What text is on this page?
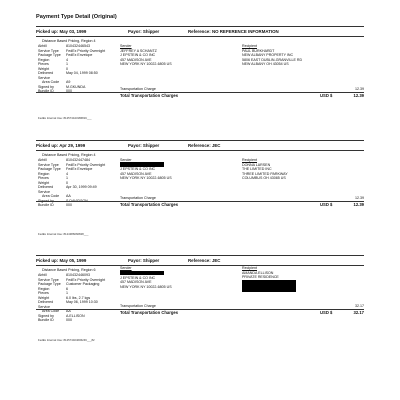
Payment Type Detail (Original)
Picked up: May 03, 1999	Payor: Shipper	Reference: NO REFERENCE INFORMATION
Distance Based Pricing, Region 4
Airbill	810432446543
Service Type FedEx Priority Overnight
Package Type FedEx Envelope
Region	4
Pieces	1
Weight	0
Delivered	May 04, 1999 08:50
Service
Area Code A9
Signed by	M.GKUNDA
Bundle ID	000
Sender
JEFFREY A SCHANTZ
J EPSTEIN & CO INC
457 MADISON AVE
NEW YORK NY 10022-6805 US
Recipient
PAUL BURKHARDT
NEW ALBANY PROPERTY INC
5806 EAST DUBLIN-GRANVILLE RD
NEW ALBANY OH 43054 US
Transportation Charge	12.39
Total Transportation Charges	USD $	12.39
FedEx Internal Use: 812574443186816___
Picked up: Apr 29, 1999	Payor: Shipper	Reference: JEC
Distance Based Pricing, Region 4
Airbill	810432447484
Service Type FedEx Priority Overnight
Package Type FedEx Envelope
Region	4
Pieces	1
Weight	0
Delivered	Apr 30, 1999 09:49
Service
Area Code AA
Signed by	S.DAVIDSON
Bundle ID	000
Sender
J EPSTEIN & CO INC
457 MADISON AVE
NEW YORK NY 10022-6805 US
Recipient
DONNA LARSEN
THE LIMITED INC
THREE LIMITED PARKWAY
COLUMBUS OH 43085 US
Transportation Charge	12.39
Total Transportation Charges	USD $	12.39
FedEx Internal Use: 8124386060828___
Picked up: May 05, 1999	Payor: Shipper	Reference: JEC
Distance Based Pricing, Region 6
Airbill	810432446093
Service Type FedEx Priority Overnight
Package Type Customer Packaging
Region	6
Pieces	1
Weight	6.0 lbs, 2.7 kgs
Delivered	May 06, 1999 10:30
Service
Area Code AA
Signed by	A.ELLISON
Bundle ID	000
Sender
J EPSTEIN & CO INC
457 MADISON AVE
NEW YORK NY 10022-6805 US
Recipient
AMANDA ELLISON
PRIVATE RESIDENCE
Transportation Charge	32.17
Total Transportation Charges	USD $	32.17
FedEx Internal Use: 812574404606246___82
